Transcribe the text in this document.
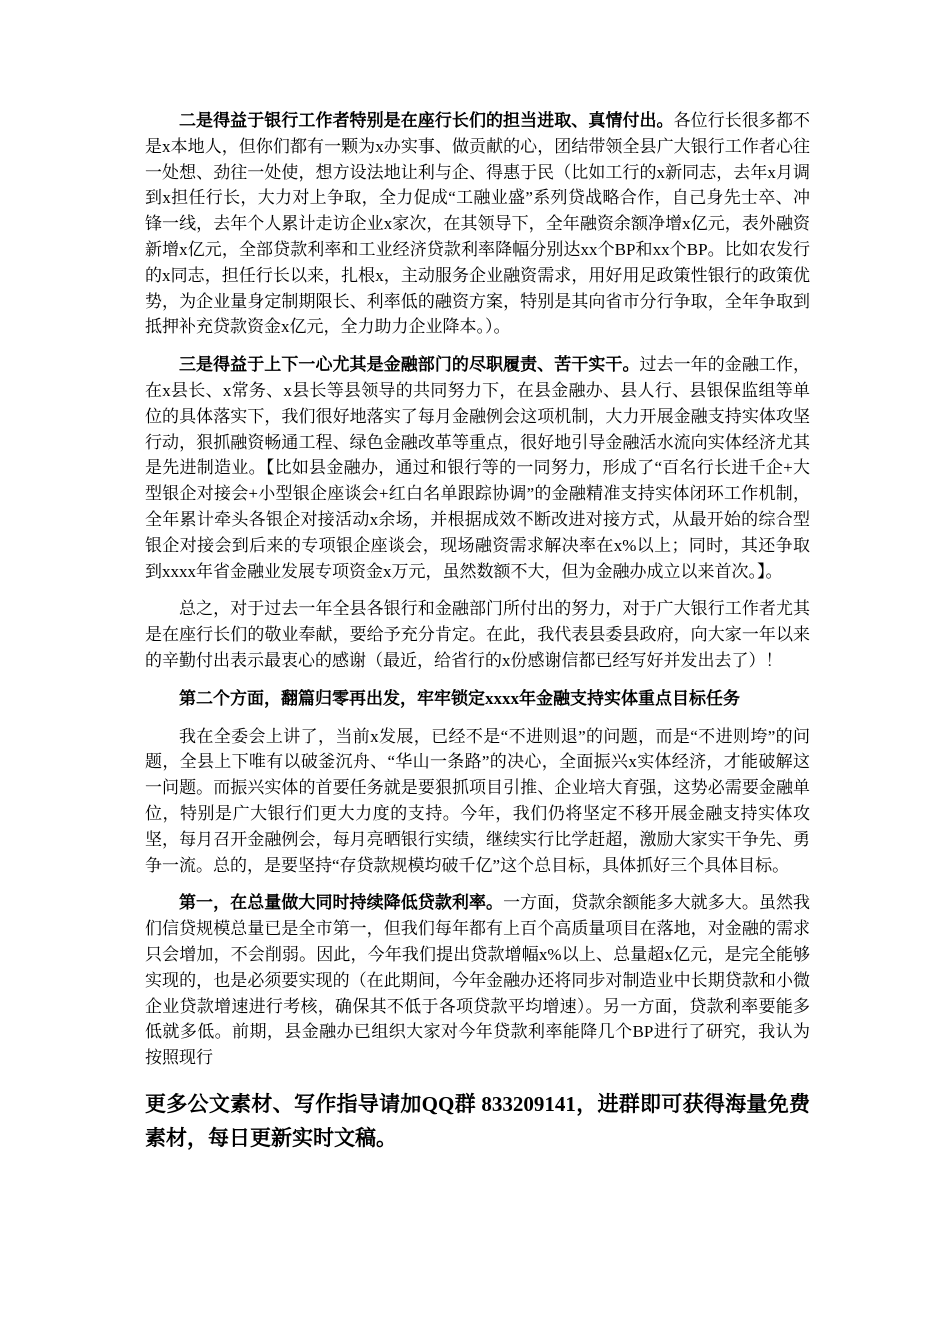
二是得益于银行工作者特别是在座行长们的担当进取、真情付出。各位行长很多都不是x本地人，但你们都有一颗为x办实事、做贡献的心，团结带领全县广大银行工作者心往一处想、劲往一处使，想方设法地让利与企、得惠于民（比如工行的x新同志，去年x月调到x担任行长，大力对上争取，全力促成“工融业盛”系列贷战略合作，自己身先士卒、冲锋一线，去年个人累计走访企业x家次，在其领导下，全年融资余额净增x亿元，表外融资新增x亿元，全部贷款利率和工业经济贷款利率降幅分别达xx个BP和xx个BP。比如农发行的x同志，担任行长以来，扎根x，主动服务企业融资需求，用好用足政策性银行的政策优势，为企业量身定制期限长、利率低的融资方案，特别是其向省市分行争取，全年争取到抵押补充贷款资金x亿元，全力助力企业降本。）。

三是得益于上下一心尤其是金融部门的尽职履责、苦干实干。过去一年的金融工作，在x县长、x常务、x县长等县领导的共同努力下，在县金融办、县人行、县银保监组等单位的具体落实下，我们很好地落实了每月金融例会这项机制，大力开展金融支持实体攻坚行动，狠抓融资畅通工程、绿色金融改革等重点，很好地引导金融活水流向实体经济尤其是先进制造业。【比如县金融办，通过和银行等的一同努力，形成了“百名行长进千企+大型银企对接会+小型银企座谈会+红白名单跟踪协调”的金融精准支持实体闭环工作机制，全年累计牵头各银企对接活动x余场，并根据成效不断改进对接方式，从最开始的综合型银企对接会到后来的专项银企座谈会，现场融资需求解决率在x%以上；同时，其还争取到xxxx年省金融业发展专项资金x万元，虽然数额不大，但为金融办成立以来首次。】。

总之，对于过去一年全县各银行和金融部门所付出的努力，对于广大银行工作者尤其是在座行长们的敬业奉献，要给予充分肯定。在此，我代表县委县政府，向大家一年以来的辛勤付出表示最衷心的感谢（最近，给省行的x份感谢信都已经写好并发出去了）！

第二个方面，翻篇归零再出发，牢牢锁定xxxx年金融支持实体重点目标任务

我在全委会上讲了，当前x发展，已经不是“不进则退”的问题，而是“不进则垮”的问题，全县上下唯有以破釜沉舟、“华山一条路”的决心，全面振兴x实体经济，才能破解这一问题。而振兴实体的首要任务就是要狠抓项目引推、企业培大育强，这势必需要金融单位，特别是广大银行们更大力度的支持。今年，我们仍将坚定不移开展金融支持实体攻坚，每月召开金融例会，每月亮晒银行实绩，继续实行比学赶超，激励大家实干争先、勇争一流。总的，是要坚持“存贷款规模均破千亿”这个总目标，具体抓好三个具体目标。

第一，在总量做大同时持续降低贷款利率。一方面，贷款余额能多大就多大。虽然我们信贷规模总量已是全市第一，但我们每年都有上百个高质量项目在落地，对金融的需求只会增加，不会削弱。因此，今年我们提出贷款增幅x%以上、总量超x亿元，是完全能够实现的，也是必须要实现的（在此期间，今年金融办还将同步对制造业中长期贷款和小微企业贷款增速进行考核，确保其不低于各项贷款平均增速）。另一方面，贷款利率要能多低就多低。前期，县金融办已组织大家对今年贷款利率能降几个BP进行了研究，我认为按照现行

更多公文素材、写作指导请加QQ群 833209141，进群即可获得海量免费素材，每日更新实时文稿。
